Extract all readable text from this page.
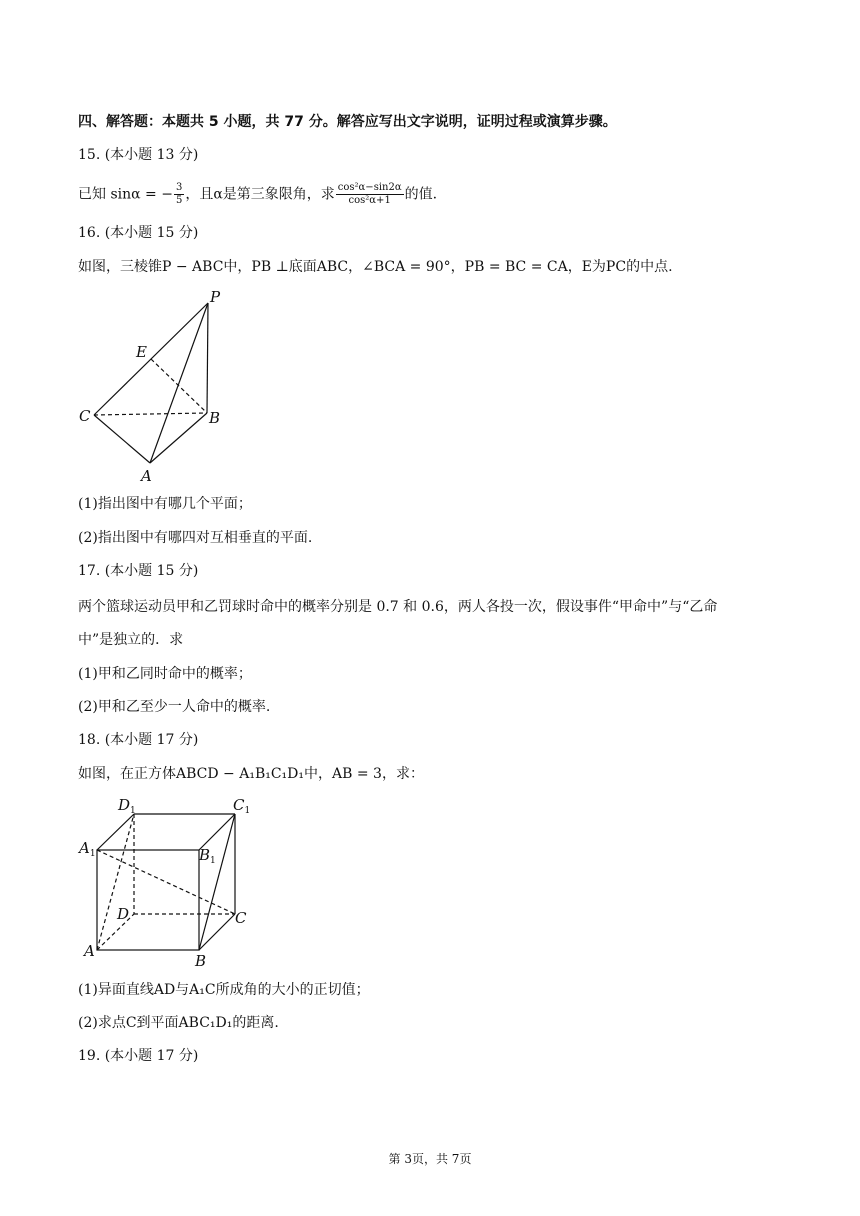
四、解答题：本题共 5 小题，共 77 分。解答应写出文字说明，证明过程或演算步骤。
15. (本小题 13 分)
已知 sinα = − $\frac{3}{5}$ ，且α是第三象限角，求 $\frac{\text{cos²α−sin2α}}{\text{cos²α+1}}$ 的值.
16. (本小题 15 分)
如图，三棱锥P − ABC中，PB ⊥底面ABC，∠BCA = 90°，PB = BC = CA，E为PC的中点.
P
E
C	B
A
(1)指出图中有哪几个平面；
(2)指出图中有哪四对互相垂直的平面.
17. (本小题 15 分)
两个篮球运动员甲和乙罚球时命中的概率分别是 0.7 和 0.6，两人各投一次，假设事件“甲命中”与“乙命
中”是独立的．求
(1)甲和乙同时命中的概率；
(2)甲和乙至少一人命中的概率.
18. (本小题 17 分)
如图，在正方体ABCD − A₁B₁C₁D₁中，AB = 3，求：
$D_1$	$C_1$
$A_1$	$B_1$
D	C
A
B
(1)异面直线AD与A₁C所成角的大小的正切值；
(2)求点C到平面ABC₁D₁的距离.
19. (本小题 17 分)
第 3页，共 7页
